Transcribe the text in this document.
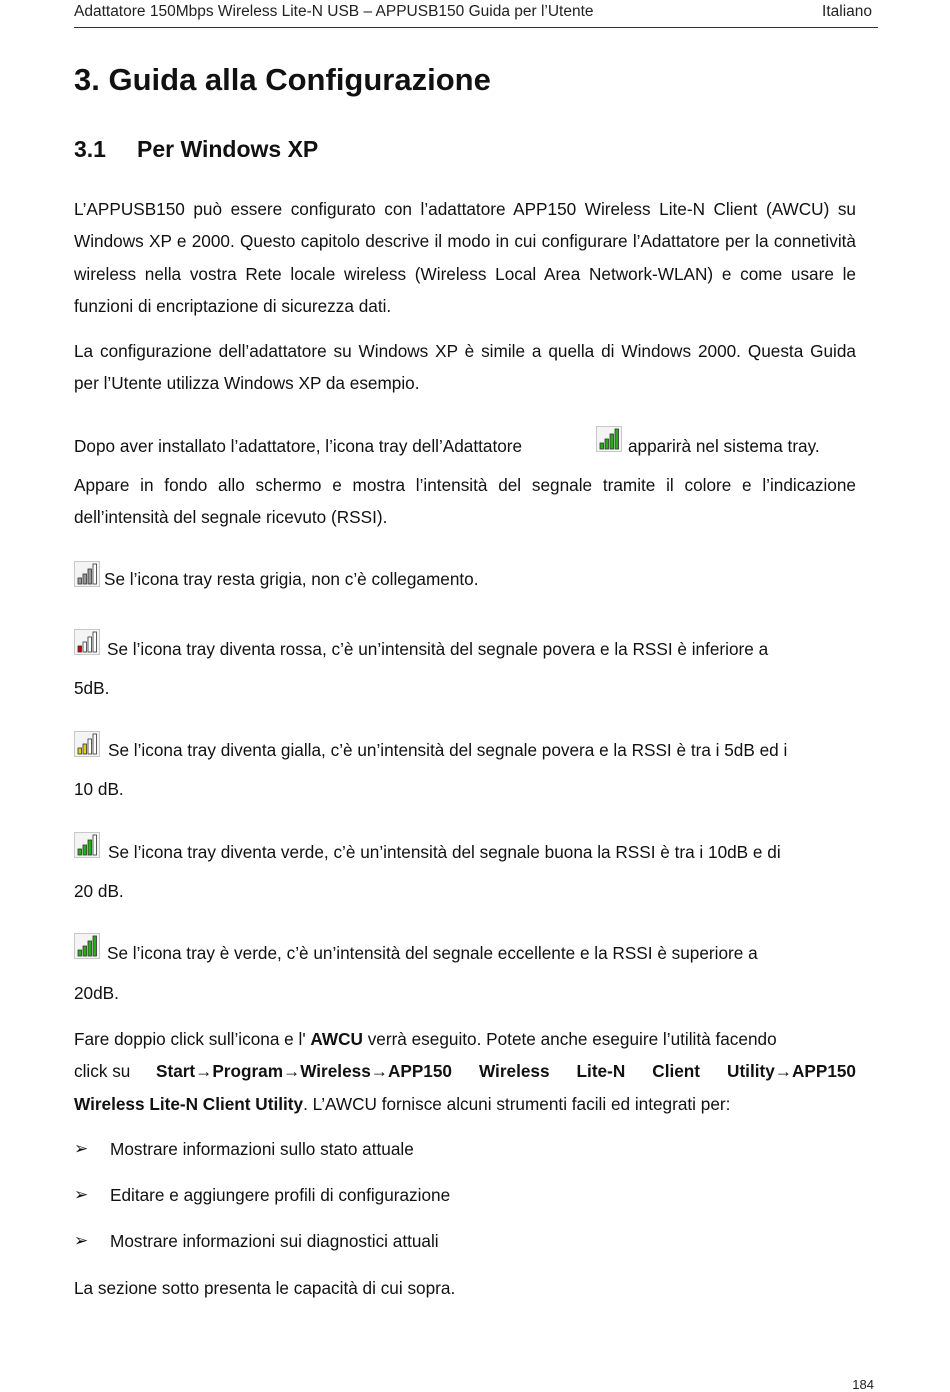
Adattatore 150Mbps Wireless Lite-N USB – APPUSB150 Guida per l’Utente	Italiano
3. Guida alla Configurazione
3.1 Per Windows XP
L’APPUSB150 può essere configurato con l’adattatore APP150 Wireless Lite-N Client (AWCU) su Windows XP e 2000. Questo capitolo descrive il modo in cui configurare l’Adattatore per la connetività wireless nella vostra Rete locale wireless (Wireless Local Area Network-WLAN) e come usare le funzioni di encriptazione di sicurezza dati.
La configurazione dell’adattatore su Windows XP è simile a quella di Windows 2000. Questa Guida per l’Utente utilizza Windows XP da esempio.
Dopo aver installato l’adattatore, l’icona tray dell’Adattatore	apparirà nel sistema tray.
Appare in fondo allo schermo e mostra l’intensità del segnale tramite il colore e l’indicazione dell’intensità del segnale ricevuto (RSSI).
Se l’icona tray resta grigia, non c’è collegamento.
Se l’icona tray diventa rossa, c’è un’intensità del segnale povera e la RSSI è inferiore a
5dB.
Se l’icona tray diventa gialla, c’è un’intensità del segnale povera e la RSSI è tra i 5dB ed i
10 dB.
Se l’icona tray diventa verde, c’è un’intensità del segnale buona la RSSI è tra i 10dB e di
20 dB.
Se l’icona tray è verde, c’è un’intensità del segnale eccellente e la RSSI è superiore a
20dB.
Fare doppio click sull’icona e l' AWCU verrà eseguito. Potete anche eseguire l’utilità facendo
click su Start→Program→Wireless→APP150 Wireless Lite-N Client Utility→APP150
Wireless Lite-N Client Utility. L’AWCU fornisce alcuni strumenti facili ed integrati per:
➢ Mostrare informazioni sullo stato attuale
➢ Editare e aggiungere profili di configurazione
➢ Mostrare informazioni sui diagnostici attuali
La sezione sotto presenta le capacità di cui sopra.
184
